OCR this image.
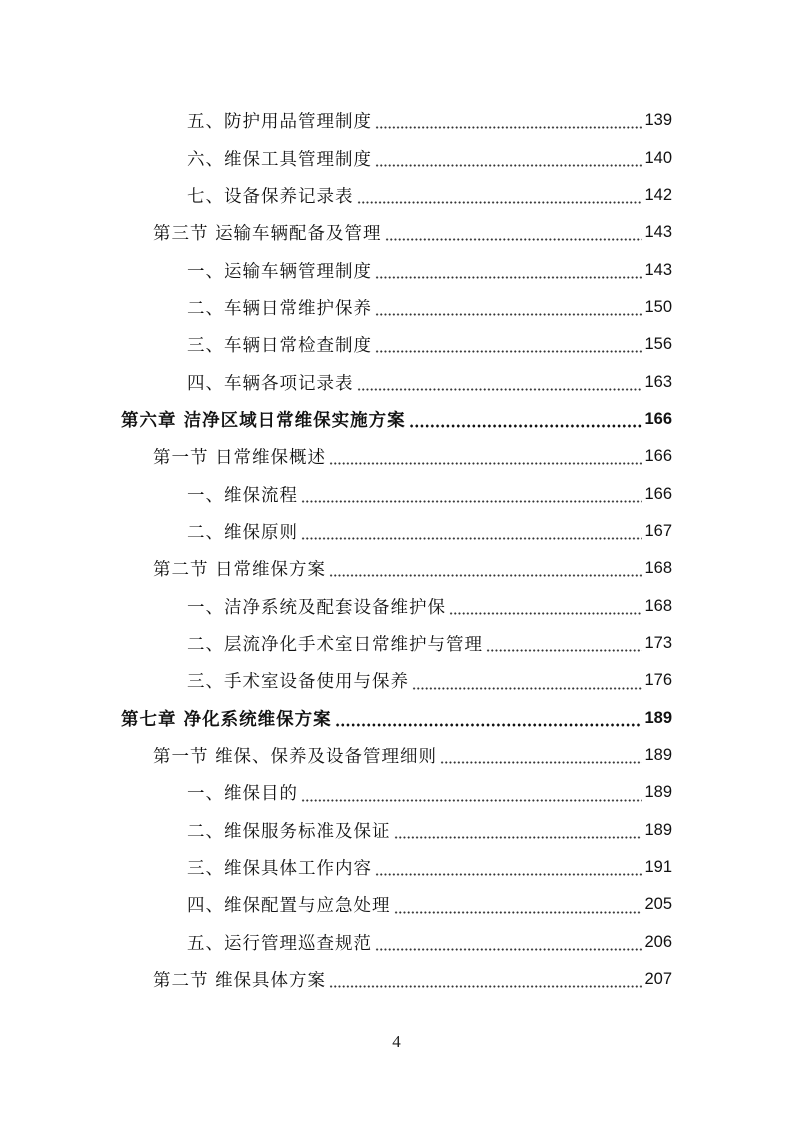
五、防护用品管理制度	139
六、维保工具管理制度	140
七、设备保养记录表	142
第三节 运输车辆配备及管理	143
一、运输车辆管理制度	143
二、车辆日常维护保养	150
三、车辆日常检查制度	156
四、车辆各项记录表	163
第六章 洁净区域日常维保实施方案	166
第一节 日常维保概述	166
一、维保流程	166
二、维保原则	167
第二节 日常维保方案	168
一、洁净系统及配套设备维护保	168
二、层流净化手术室日常维护与管理	173
三、手术室设备使用与保养	176
第七章 净化系统维保方案	189
第一节 维保、保养及设备管理细则	189
一、维保目的	189
二、维保服务标准及保证	189
三、维保具体工作内容	191
四、维保配置与应急处理	205
五、运行管理巡查规范	206
第二节 维保具体方案	207
4
